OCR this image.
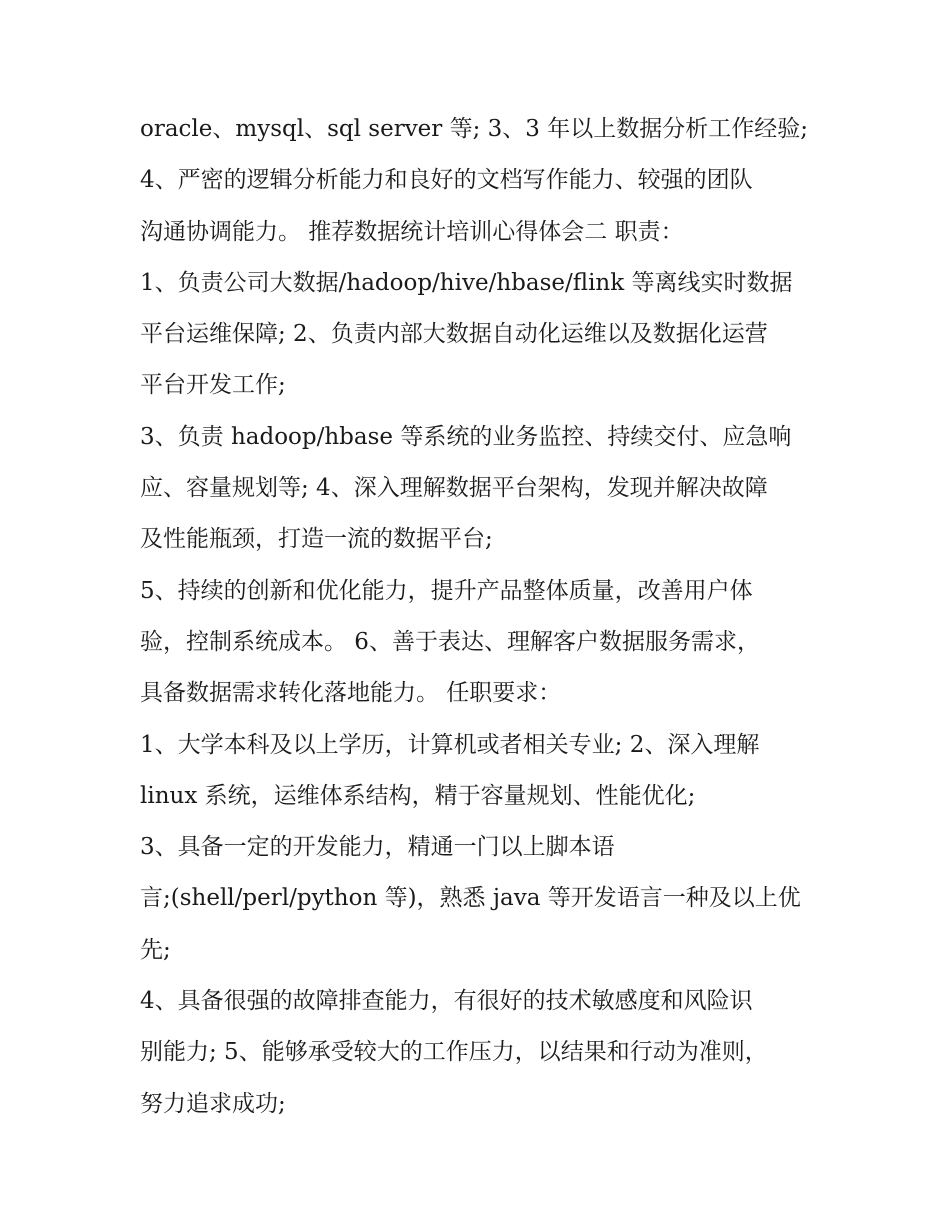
oracle、mysql、sql server 等; 3、3 年以上数据分析工作经验;
4、严密的逻辑分析能力和良好的文档写作能力、较强的团队
沟通协调能力。 推荐数据统计培训心得体会二 职责：
1、负责公司大数据/hadoop/hive/hbase/flink 等离线实时数据
平台运维保障; 2、负责内部大数据自动化运维以及数据化运营
平台开发工作;
3、负责 hadoop/hbase 等系统的业务监控、持续交付、应急响
应、容量规划等; 4、深入理解数据平台架构，发现并解决故障
及性能瓶颈，打造一流的数据平台;
5、持续的创新和优化能力，提升产品整体质量，改善用户体
验，控制系统成本。 6、善于表达、理解客户数据服务需求，
具备数据需求转化落地能力。 任职要求：
1、大学本科及以上学历，计算机或者相关专业; 2、深入理解
linux 系统，运维体系结构，精于容量规划、性能优化;
3、具备一定的开发能力，精通一门以上脚本语
言;(shell/perl/python 等)，熟悉 java 等开发语言一种及以上优
先;
4、具备很强的故障排查能力，有很好的技术敏感度和风险识
别能力; 5、能够承受较大的工作压力，以结果和行动为准则，
努力追求成功;
